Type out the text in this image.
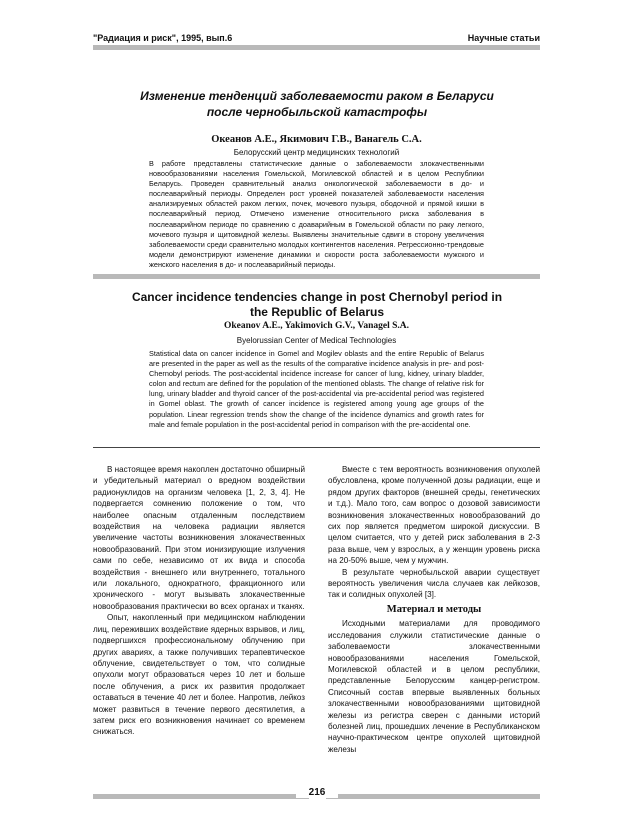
"Радиация и риск", 1995, вып.6	Научные статьи
Изменение тенденций заболеваемости раком в Беларуси
после чернобыльской катастрофы
Океанов А.Е., Якимович Г.В., Ванагель С.А.
Белорусский центр медицинских технологий
В работе представлены статистические данные о заболеваемости злокачественными новообразованиями населения Гомельской, Могилевской областей и в целом Республики Беларусь. Проведен сравнительный анализ онкологической заболеваемости в до- и послеаварийный периоды. Определен рост уровней показателей заболеваемости населения анализируемых областей раком легких, почек, мочевого пузыря, ободочной и прямой кишки в послеаварийный период. Отмечено изменение относительного риска заболевания в послеаварийном периоде по сравнению с доаварийным в Гомельской области по раку легкого, мочевого пузыря и щитовидной железы. Выявлены значительные сдвиги в сторону увеличения заболеваемости среди сравнительно молодых контингентов населения. Регрессионно-трендовые модели демонстрируют изменение динамики и скорости роста заболеваемости мужского и женского населения в до- и послеаварийный периоды.
Cancer incidence tendencies change in post Chernobyl period in
the Republic of Belarus
Okeanov A.E., Yakimovich G.V., Vanagel S.A.
Byelorussian Center of Medical Technologies
Statistical data on cancer incidence in Gomel and Mogilev oblasts and the entire Republic of Belarus are presented in the paper as well as the results of the comparative incidence analysis in pre- and post-Chernobyl periods. The post-accidental incidence increase for cancer of lung, kidney, urinary bladder, colon and rectum are defined for the population of the mentioned oblasts. The change of relative risk for lung, urinary bladder and thyroid cancer of the post-accidental via pre-accidental period was registered in Gomel oblast. The growth of cancer incidence is registered among young age groups of the population. Linear regression trends show the change of the incidence dynamics and growth rates for male and female population in the post-accidental period in comparison with the pre-accidental one.

В настоящее время накоплен достаточно обширный и убедительный материал о вредном воздействии радионуклидов на организм человека [1, 2, 3, 4]. Не подвергается сомнению положение о том, что наиболее опасным отдаленным последствием воздействия на человека радиации является увеличение частоты возникновения злокачественных новообразований. При этом ионизирующие излучения сами по себе, независимо от их вида и способа воздействия - внешнего или внутреннего, тотального или локального, однократного, фракционного или хронического - могут вызывать злокачественные новообразования практически во всех органах и тканях.

Опыт, накопленный при медицинском наблюдении лиц, переживших воздействие ядерных взрывов, и лиц, подвергшихся профессиональному облучению при других авариях, а также получивших терапевтическое облучение, свидетельствует о том, что солидные опухоли могут образоваться через 10 лет и больше после облучения, а риск их развития продолжает оставаться в течение 40 лет и более. Напротив, лейкоз может развиться в течение первого десятилетия, а затем риск его возникновения начинает со временем снижаться.

Вместе с тем вероятность возникновения опухолей обусловлена, кроме полученной дозы радиации, еще и рядом других факторов (внешней среды, генетических и т.д.). Мало того, сам вопрос о дозовой зависимости возникновения злокачественных новообразований до сих пор является предметом широкой дискуссии. В целом считается, что у детей риск заболевания в 2-3 раза выше, чем у взрослых, а у женщин уровень риска на 20-50% выше, чем у мужчин.

В результате чернобыльской аварии существует вероятность увеличения числа случаев как лейкозов, так и солидных опухолей [3].

Материал и методы

Исходными материалами для проводимого исследования служили статистические данные о заболеваемости злокачественными новообразованиями населения Гомельской, Могилевской областей и в целом республики, представленные Белорусским канцер-регистром. Списочный состав впервые выявленных больных злокачественными новообразованиями щитовидной железы из регистра сверен с данными историй болезней лиц, прошедших лечение в Республиканском научно-практическом центре опухолей щитовидной железы

216
